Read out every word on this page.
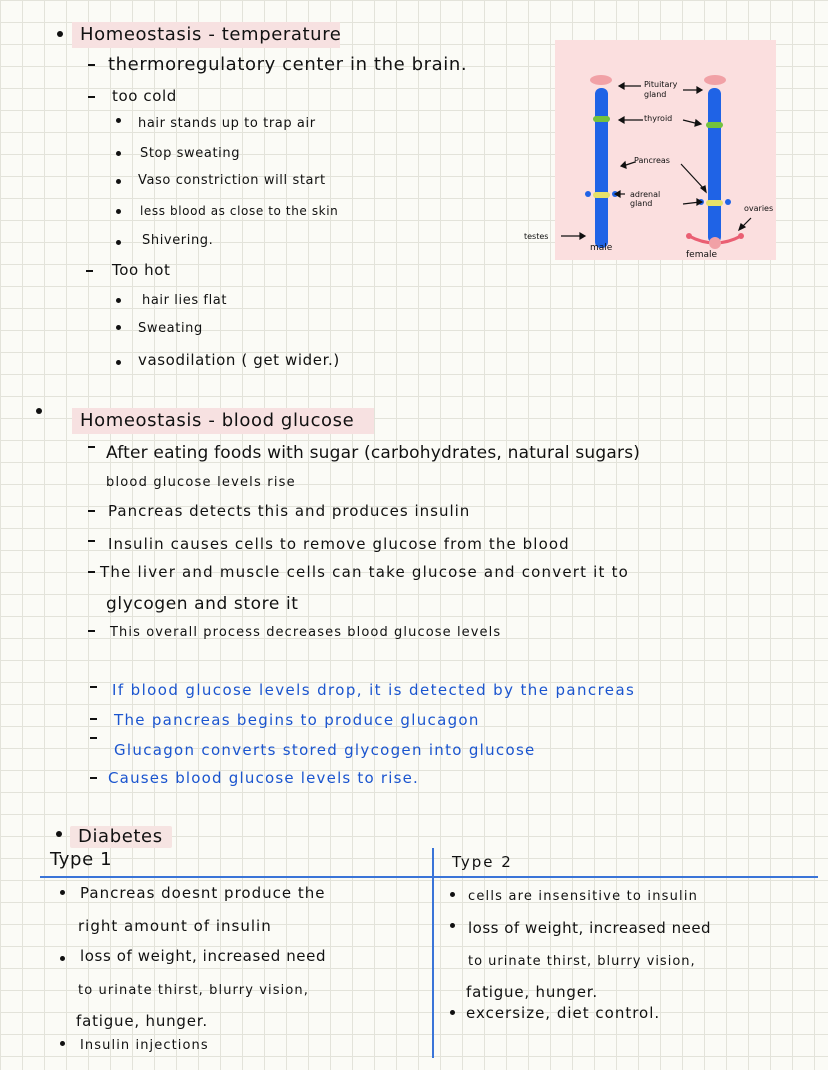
Homeostasis - temperature
thermoregulatory center in the brain.
too cold
hair stands up to trap air
Stop sweating
Vaso constriction will start
less blood as close to the skin
Shivering.
Too hot
hair lies flat
Sweating
vasodilation ( get wider.)
Pituitary gland
thyroid
Pancreas
adrenal gland
testes
ovaries
male
female
Homeostasis - blood glucose
After eating foods with sugar (carbohydrates, natural sugars)
blood glucose levels rise
Pancreas detects this and produces insulin
Insulin causes cells to remove glucose from the blood
The liver and muscle cells can take glucose and convert it to
glycogen and store it
This overall process decreases blood glucose levels
If blood glucose levels drop, it is detected by the pancreas
The pancreas begins to produce glucagon
Glucagon converts stored glycogen into glucose
Causes blood glucose levels to rise.
Diabetes
Type 1	Type 2
Pancreas doesnt produce the
right amount of insulin
loss of weight, increased need
to urinate thirst, blurry vision,
fatigue, hunger.
Insulin injections
cells are insensitive to insulin
loss of weight, increased need
to urinate thirst, blurry vision,
fatigue, hunger.
excersize, diet control.
